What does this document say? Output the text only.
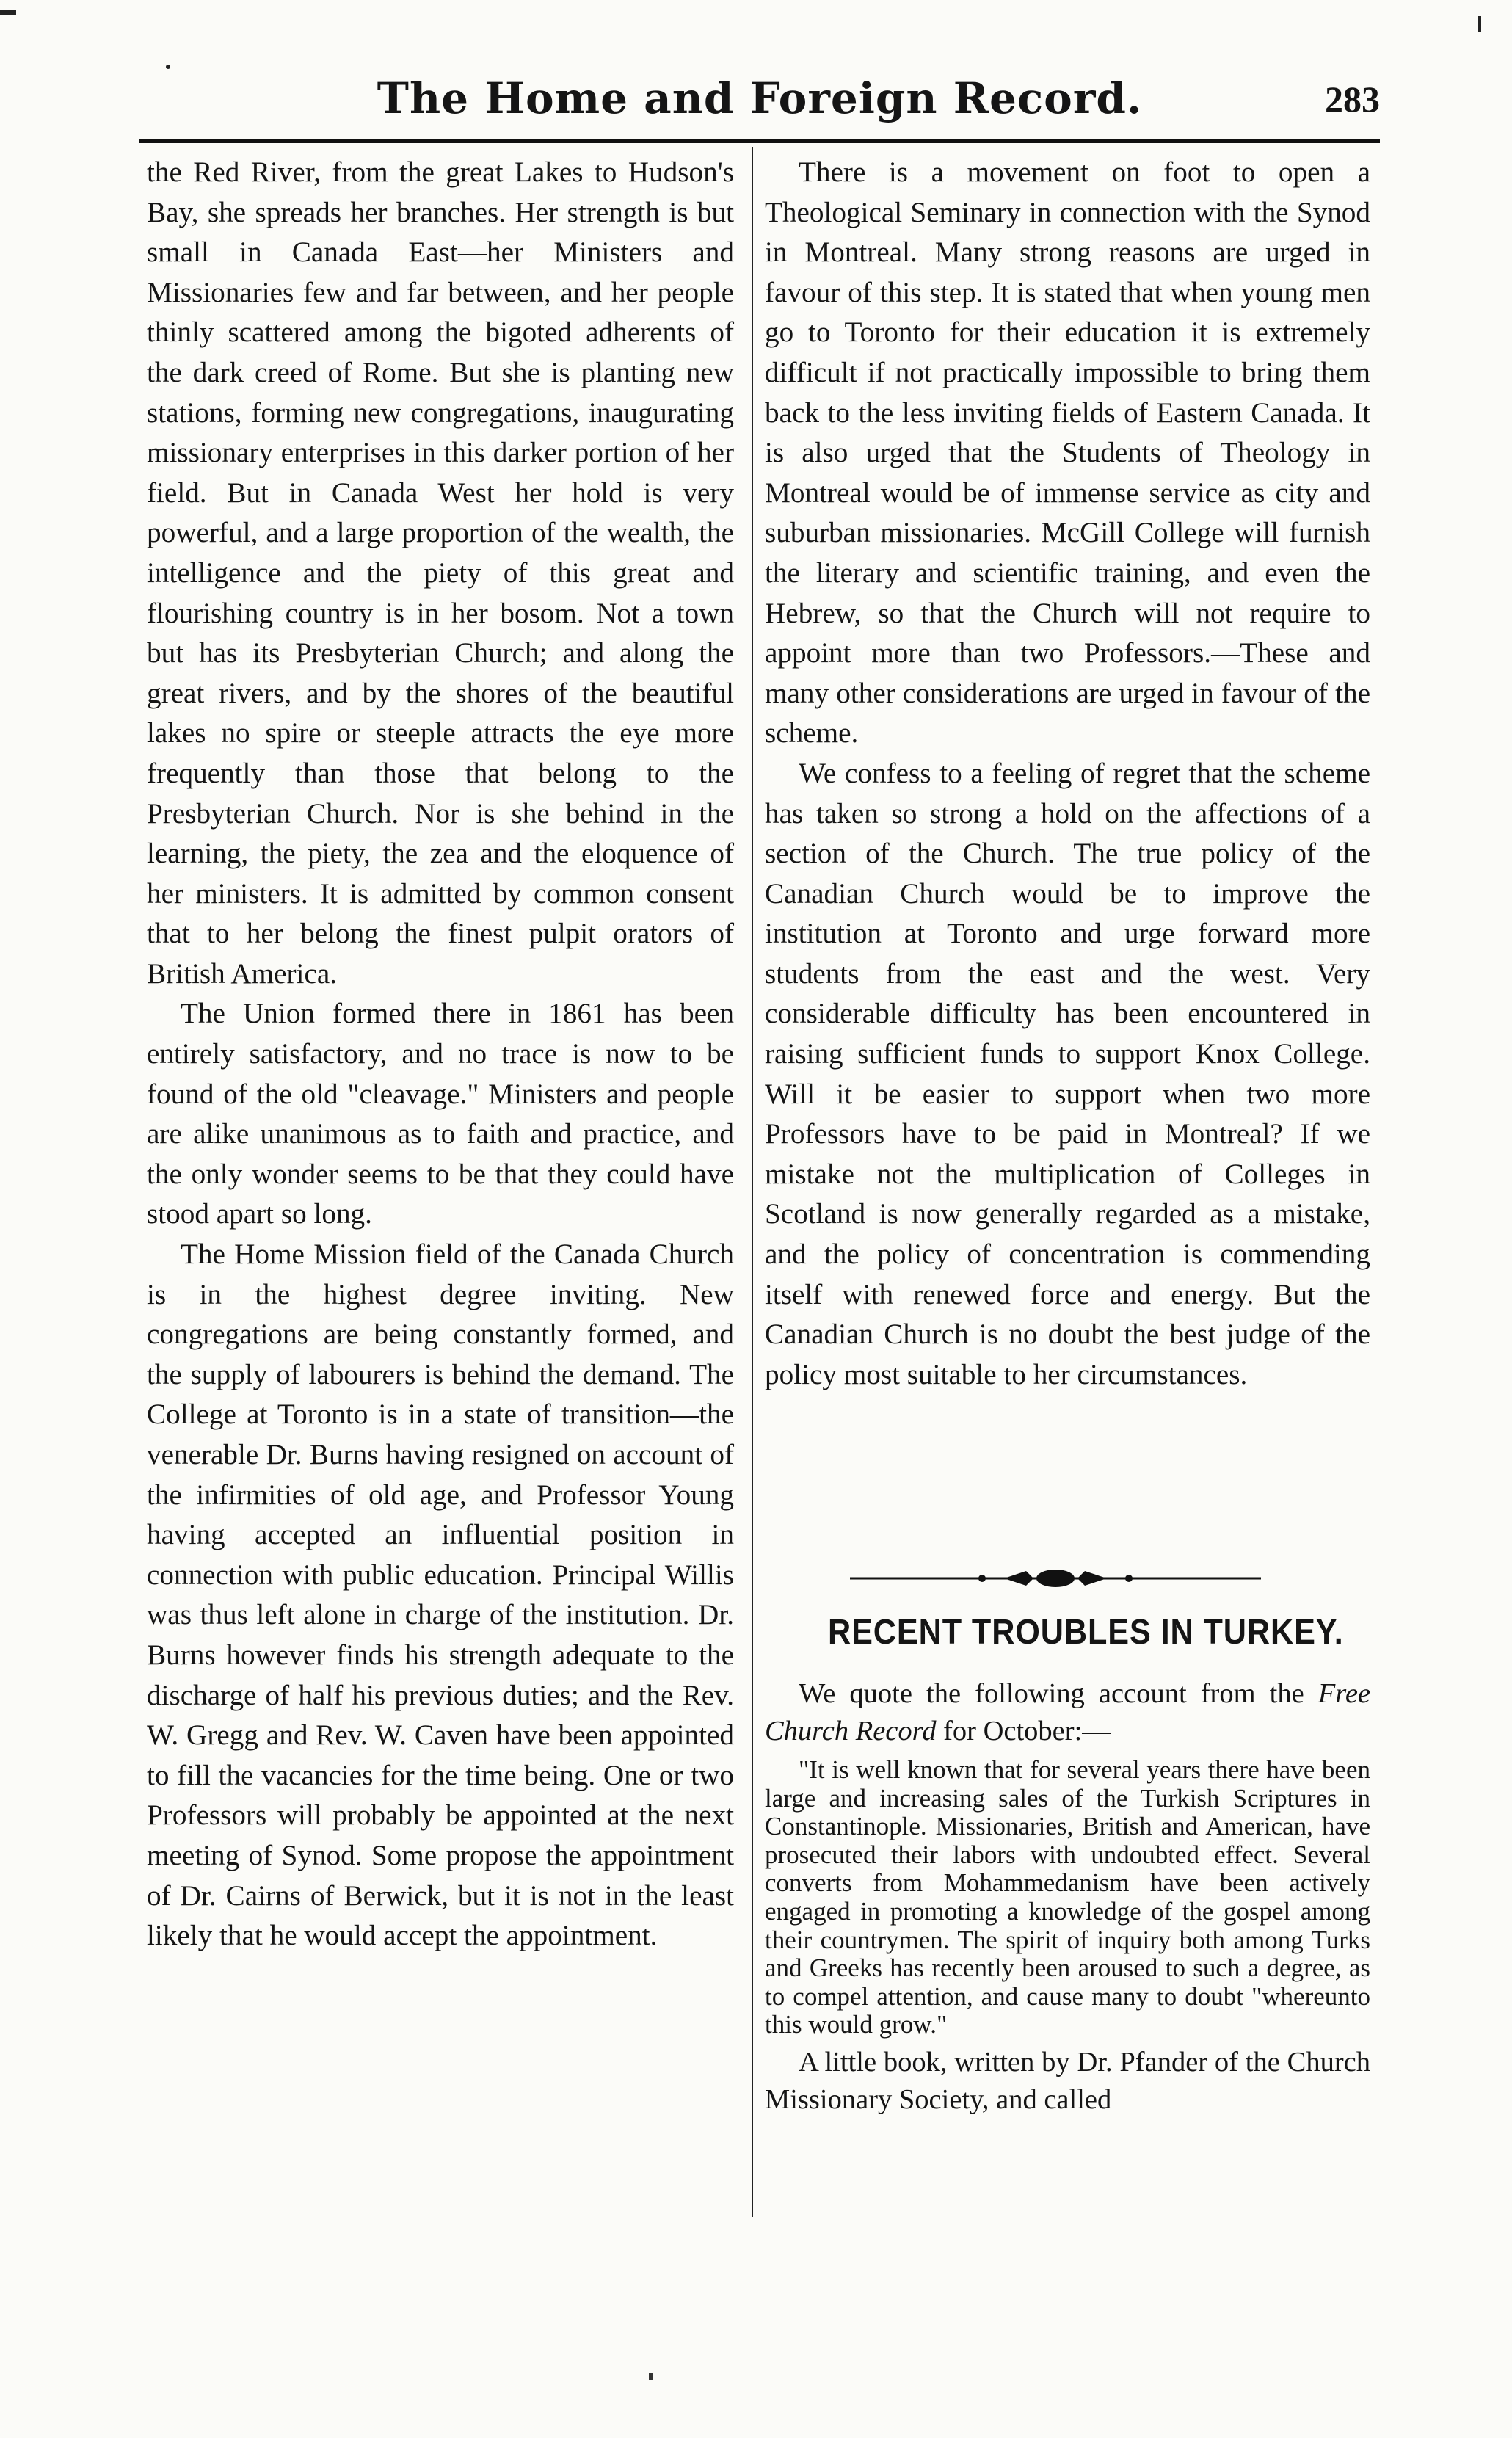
The Home and Foreign Record.	283

the Red River, from the great Lakes to Hudson's Bay, she spreads her branches. Her strength is but small in Canada East—her Ministers and Missionaries few and far between, and her people thinly scattered among the bigoted adherents of the dark creed of Rome. But she is planting new stations, forming new congregations, inaugurating missionary enterprises in this darker portion of her field. But in Canada West her hold is very powerful, and a large proportion of the wealth, the intelligence and the piety of this great and flourishing country is in her bosom. Not a town but has its Presbyterian Church; and along the great rivers, and by the shores of the beautiful lakes no spire or steeple attracts the eye more frequently than those that belong to the Presbyterian Church. Nor is she behind in the learning, the piety, the zea and the eloquence of her ministers. It is admitted by common consent that to her belong the finest pulpit orators of British America.

The Union formed there in 1861 has been entirely satisfactory, and no trace is now to be found of the old "cleavage." Ministers and people are alike unanimous as to faith and practice, and the only wonder seems to be that they could have stood apart so long.

The Home Mission field of the Canada Church is in the highest degree inviting. New congregations are being constantly formed, and the supply of labourers is behind the demand. The College at Toronto is in a state of transition—the venerable Dr. Burns having resigned on account of the infirmities of old age, and Professor Young having accepted an influential position in connection with public education. Principal Willis was thus left alone in charge of the institution. Dr. Burns however finds his strength adequate to the discharge of half his previous duties; and the Rev. W. Gregg and Rev. W. Caven have been appointed to fill the vacancies for the time being. One or two Professors will probably be appointed at the next meeting of Synod. Some propose the appointment of Dr. Cairns of Berwick, but it is not in the least likely that he would accept the appointment.

There is a movement on foot to open a Theological Seminary in connection with the Synod in Montreal. Many strong reasons are urged in favour of this step. It is stated that when young men go to Toronto for their education it is extremely difficult if not practically impossible to bring them back to the less inviting fields of Eastern Canada. It is also urged that the Students of Theology in Montreal would be of immense service as city and suburban missionaries. McGill College will furnish the literary and scientific training, and even the Hebrew, so that the Church will not require to appoint more than two Professors.—These and many other considerations are urged in favour of the scheme.

We confess to a feeling of regret that the scheme has taken so strong a hold on the affections of a section of the Church. The true policy of the Canadian Church would be to improve the institution at Toronto and urge forward more students from the east and the west. Very considerable difficulty has been encountered in raising sufficient funds to support Knox College. Will it be easier to support when two more Professors have to be paid in Montreal? If we mistake not the multiplication of Colleges in Scotland is now generally regarded as a mistake, and the policy of concentration is commending itself with renewed force and energy. But the Canadian Church is no doubt the best judge of the policy most suitable to her circumstances.

RECENT TROUBLES IN TURKEY.

We quote the following account from the Free Church Record for October:—

"It is well known that for several years there have been large and increasing sales of the Turkish Scriptures in Constantinople. Missionaries, British and American, have prosecuted their labors with undoubted effect. Several converts from Mohammedanism have been actively engaged in promoting a knowledge of the gospel among their countrymen. The spirit of inquiry both among Turks and Greeks has recently been aroused to such a degree, as to compel attention, and cause many to doubt "whereunto this would grow."

A little book, written by Dr. Pfander of the Church Missionary Society, and called
